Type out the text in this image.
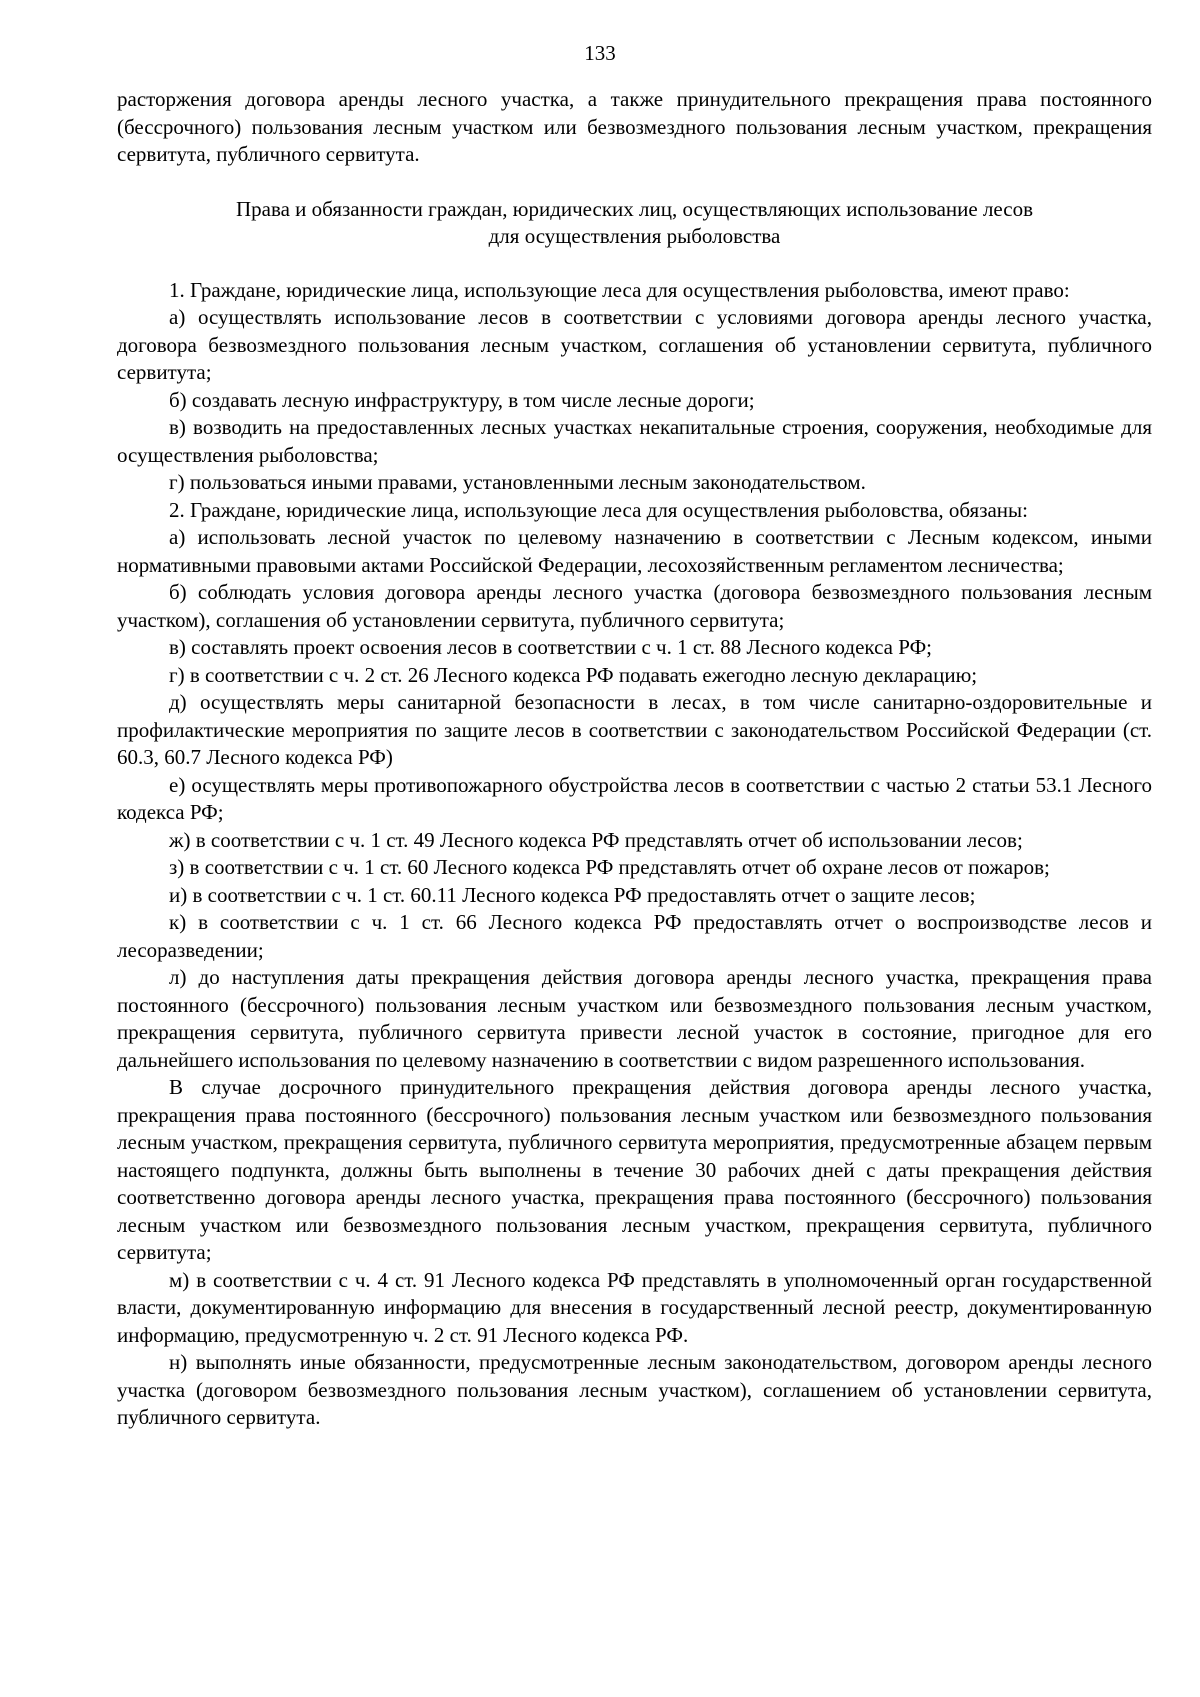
133

расторжения договора аренды лесного участка, а также принудительного прекращения права постоянного (бессрочного) пользования лесным участком или безвозмездного пользования лесным участком, прекращения сервитута, публичного сервитута.

Права и обязанности граждан, юридических лиц, осуществляющих использование лесов
для осуществления рыболовства

1. Граждане, юридические лица, использующие леса для осуществления рыболовства, имеют право:

а) осуществлять использование лесов в соответствии с условиями договора аренды лесного участка, договора безвозмездного пользования лесным участком, соглашения об установлении сервитута, публичного сервитута;

б) создавать лесную инфраструктуру, в том числе лесные дороги;

в) возводить на предоставленных лесных участках некапитальные строения, сооружения, необходимые для осуществления рыболовства;

г) пользоваться иными правами, установленными лесным законодательством.

2. Граждане, юридические лица, использующие леса для осуществления рыболовства, обязаны:

а) использовать лесной участок по целевому назначению в соответствии с Лесным кодексом, иными нормативными правовыми актами Российской Федерации, лесохозяйственным регламентом лесничества;

б) соблюдать условия договора аренды лесного участка (договора безвозмездного пользования лесным участком), соглашения об установлении сервитута, публичного сервитута;

в) составлять проект освоения лесов в соответствии с ч. 1 ст. 88 Лесного кодекса РФ;

г) в соответствии с ч. 2 ст. 26 Лесного кодекса РФ подавать ежегодно лесную декларацию;

д) осуществлять меры санитарной безопасности в лесах, в том числе санитарно-оздоровительные и профилактические мероприятия по защите лесов в соответствии с законодательством Российской Федерации (ст. 60.3, 60.7 Лесного кодекса РФ)

е) осуществлять меры противопожарного обустройства лесов в соответствии с частью 2 статьи 53.1 Лесного кодекса РФ;

ж) в соответствии с ч. 1 ст. 49 Лесного кодекса РФ представлять отчет об использовании лесов;

з) в соответствии с ч. 1 ст. 60 Лесного кодекса РФ представлять отчет об охране лесов от пожаров;

и) в соответствии с ч. 1 ст. 60.11 Лесного кодекса РФ предоставлять отчет о защите лесов;

к) в соответствии с ч. 1 ст. 66 Лесного кодекса РФ предоставлять отчет о воспроизводстве лесов и лесоразведении;

л) до наступления даты прекращения действия договора аренды лесного участка, прекращения права постоянного (бессрочного) пользования лесным участком или безвозмездного пользования лесным участком, прекращения сервитута, публичного сервитута привести лесной участок в состояние, пригодное для его дальнейшего использования по целевому назначению в соответствии с видом разрешенного использования.

В случае досрочного принудительного прекращения действия договора аренды лесного участка, прекращения права постоянного (бессрочного) пользования лесным участком или безвозмездного пользования лесным участком, прекращения сервитута, публичного сервитута мероприятия, предусмотренные абзацем первым настоящего подпункта, должны быть выполнены в течение 30 рабочих дней с даты прекращения действия соответственно договора аренды лесного участка, прекращения права постоянного (бессрочного) пользования лесным участком или безвозмездного пользования лесным участком, прекращения сервитута, публичного сервитута;

м) в соответствии с ч. 4 ст. 91 Лесного кодекса РФ представлять в уполномоченный орган государственной власти, документированную информацию для внесения в государственный лесной реестр, документированную информацию, предусмотренную ч. 2 ст. 91 Лесного кодекса РФ.

н) выполнять иные обязанности, предусмотренные лесным законодательством, договором аренды лесного участка (договором безвозмездного пользования лесным участком), соглашением об установлении сервитута, публичного сервитута.
